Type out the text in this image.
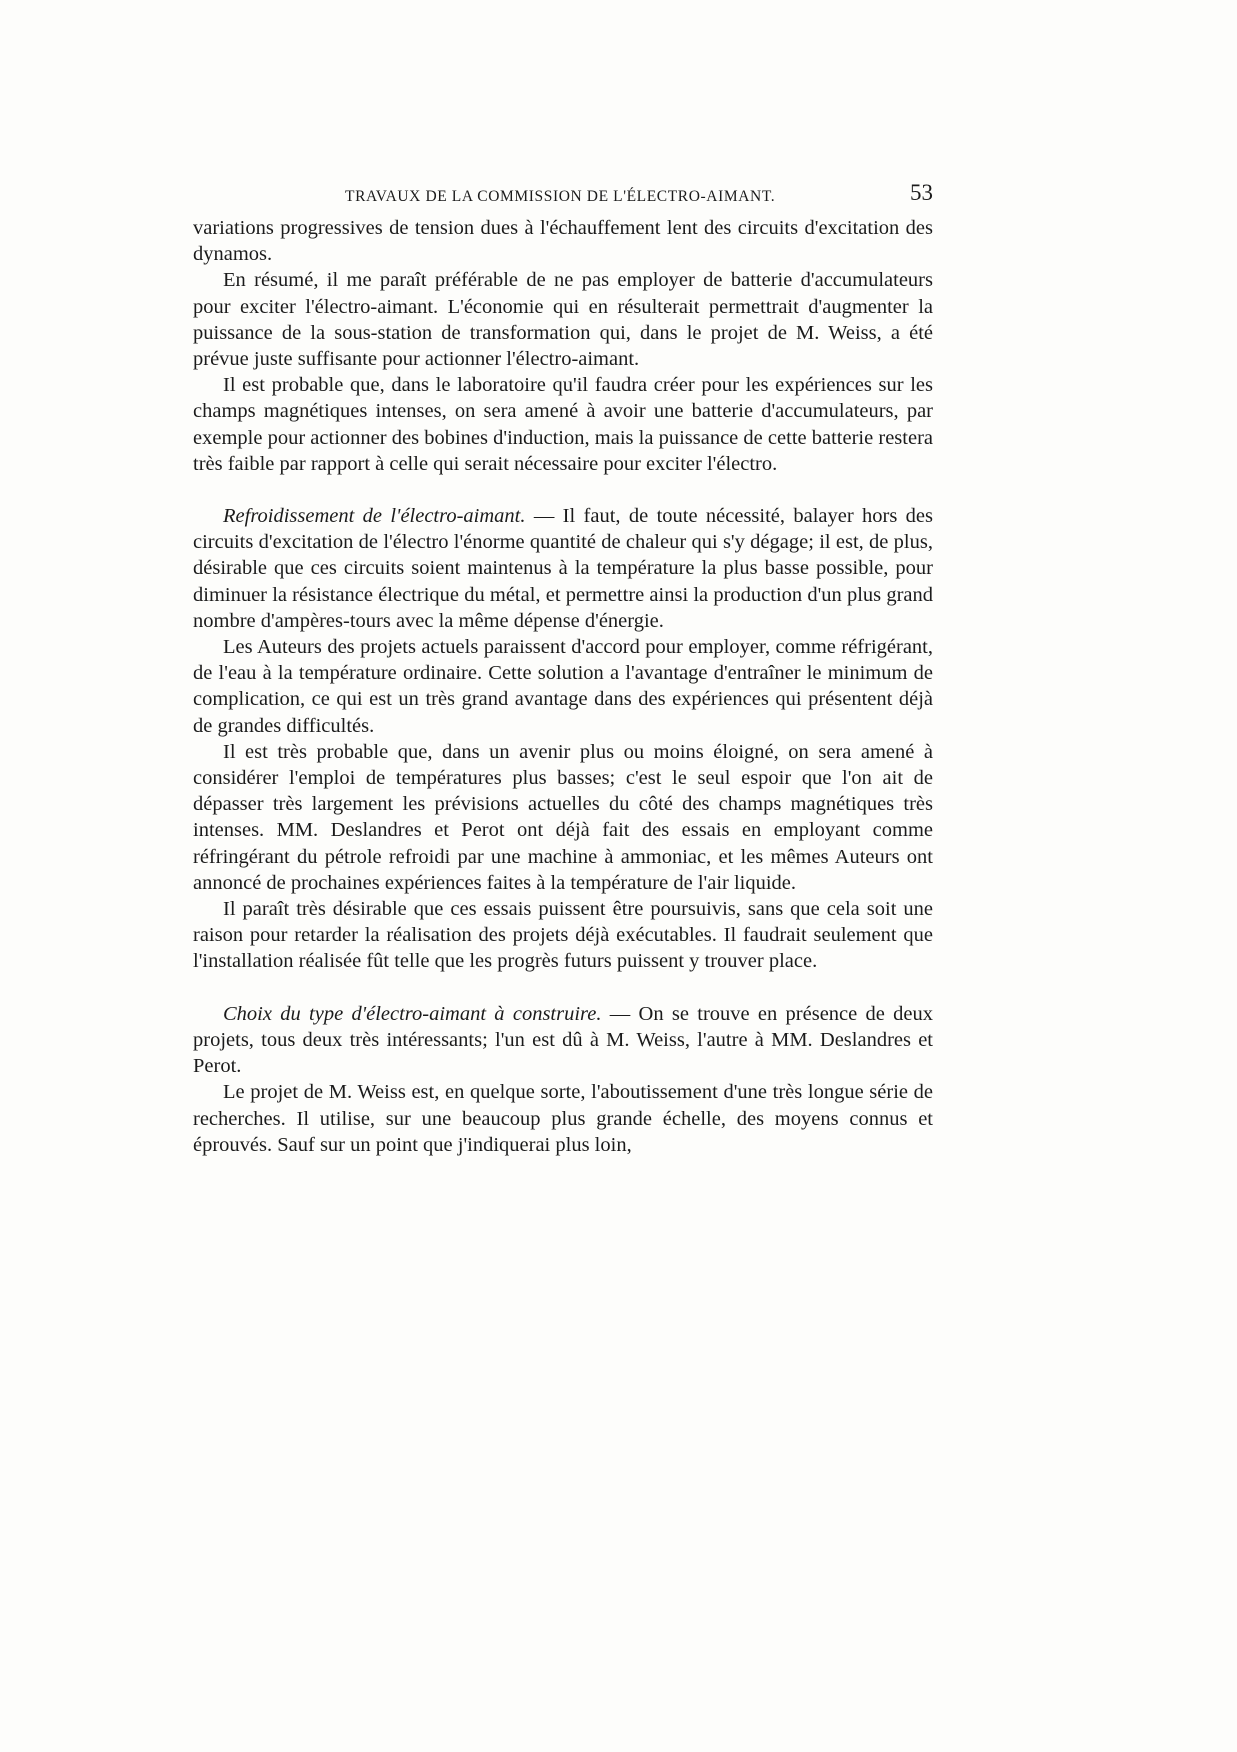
TRAVAUX DE LA COMMISSION DE L'ÉLECTRO-AIMANT.	53

variations progressives de tension dues à l'échauffement lent des circuits d'excitation des dynamos.

En résumé, il me paraît préférable de ne pas employer de batterie d'accumulateurs pour exciter l'électro-aimant. L'économie qui en résulterait permettrait d'augmenter la puissance de la sous-station de transformation qui, dans le projet de M. Weiss, a été prévue juste suffisante pour actionner l'électro-aimant.

Il est probable que, dans le laboratoire qu'il faudra créer pour les expériences sur les champs magnétiques intenses, on sera amené à avoir une batterie d'accumulateurs, par exemple pour actionner des bobines d'induction, mais la puissance de cette batterie restera très faible par rapport à celle qui serait nécessaire pour exciter l'électro.

Refroidissement de l'électro-aimant. — Il faut, de toute nécessité, balayer hors des circuits d'excitation de l'électro l'énorme quantité de chaleur qui s'y dégage; il est, de plus, désirable que ces circuits soient maintenus à la température la plus basse possible, pour diminuer la résistance électrique du métal, et permettre ainsi la production d'un plus grand nombre d'ampères-tours avec la même dépense d'énergie.

Les Auteurs des projets actuels paraissent d'accord pour employer, comme réfrigérant, de l'eau à la température ordinaire. Cette solution a l'avantage d'entraîner le minimum de complication, ce qui est un très grand avantage dans des expériences qui présentent déjà de grandes difficultés.

Il est très probable que, dans un avenir plus ou moins éloigné, on sera amené à considérer l'emploi de températures plus basses; c'est le seul espoir que l'on ait de dépasser très largement les prévisions actuelles du côté des champs magnétiques très intenses. MM. Deslandres et Perot ont déjà fait des essais en employant comme réfringérant du pétrole refroidi par une machine à ammoniac, et les mêmes Auteurs ont annoncé de prochaines expériences faites à la température de l'air liquide.

Il paraît très désirable que ces essais puissent être poursuivis, sans que cela soit une raison pour retarder la réalisation des projets déjà exécutables. Il faudrait seulement que l'installation réalisée fût telle que les progrès futurs puissent y trouver place.

Choix du type d'électro-aimant à construire. — On se trouve en présence de deux projets, tous deux très intéressants; l'un est dû à M. Weiss, l'autre à MM. Deslandres et Perot.

Le projet de M. Weiss est, en quelque sorte, l'aboutissement d'une très longue série de recherches. Il utilise, sur une beaucoup plus grande échelle, des moyens connus et éprouvés. Sauf sur un point que j'indiquerai plus loin,
